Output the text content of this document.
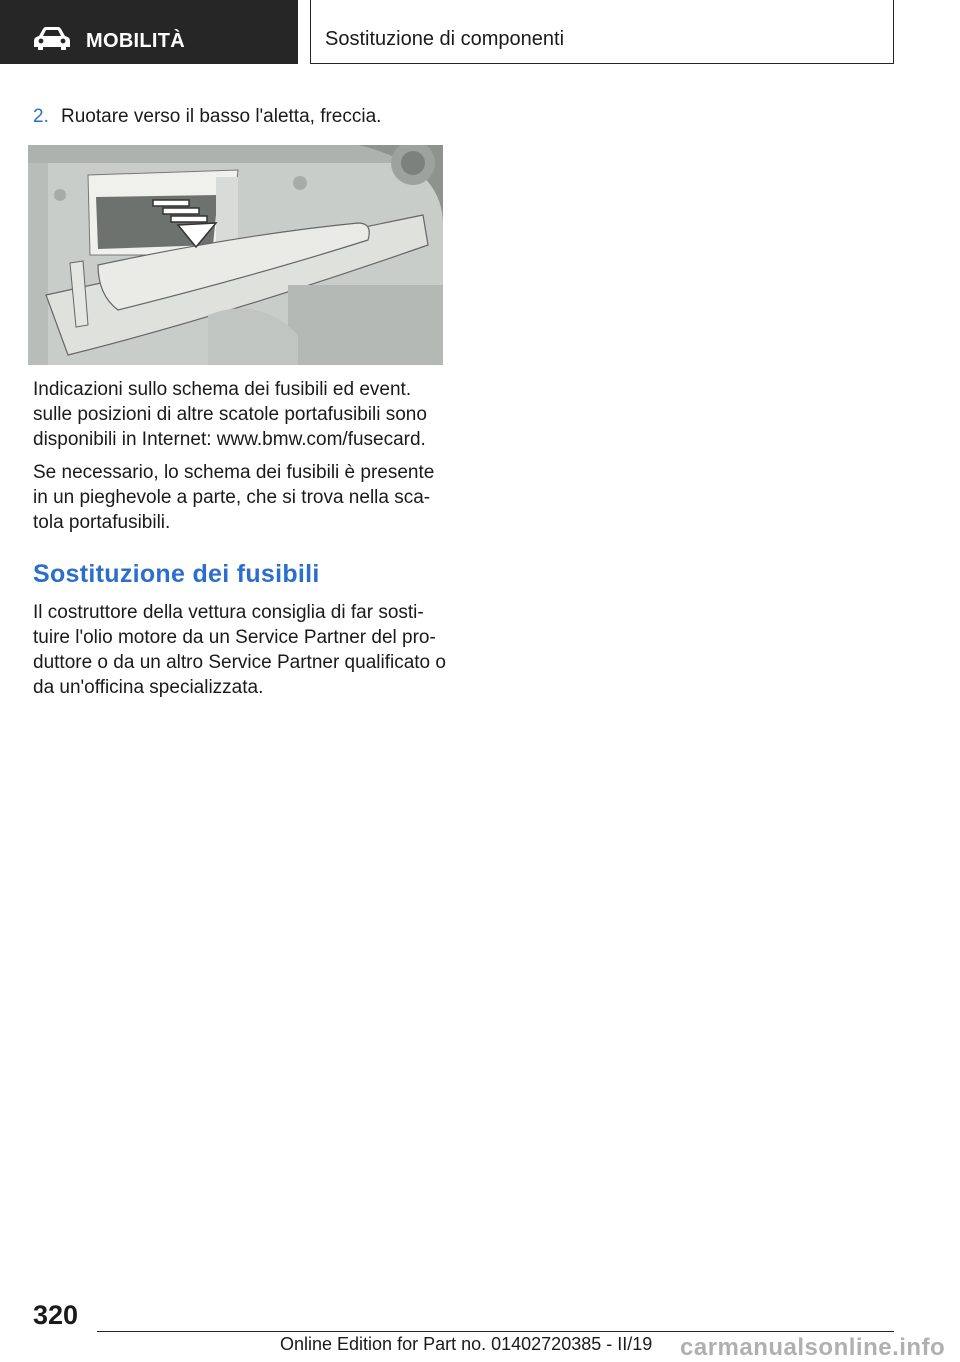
MOBILITÀ	Sostituzione di componenti
2. Ruotare verso il basso l'aletta, freccia.

Indicazioni sullo schema dei fusibili ed event.
sulle posizioni di altre scatole portafusibili sono
disponibili in Internet: www.bmw.com/fusecard.

Se necessario, lo schema dei fusibili è presente
in un pieghevole a parte, che si trova nella sca-
tola portafusibili.

Sostituzione dei fusibili

Il costruttore della vettura consiglia di far sosti-
tuire l'olio motore da un Service Partner del pro-
duttore o da un altro Service Partner qualificato o
da un'officina specializzata.

320
Online Edition for Part no. 01402720385 - II/19 carmanualsonline.info
